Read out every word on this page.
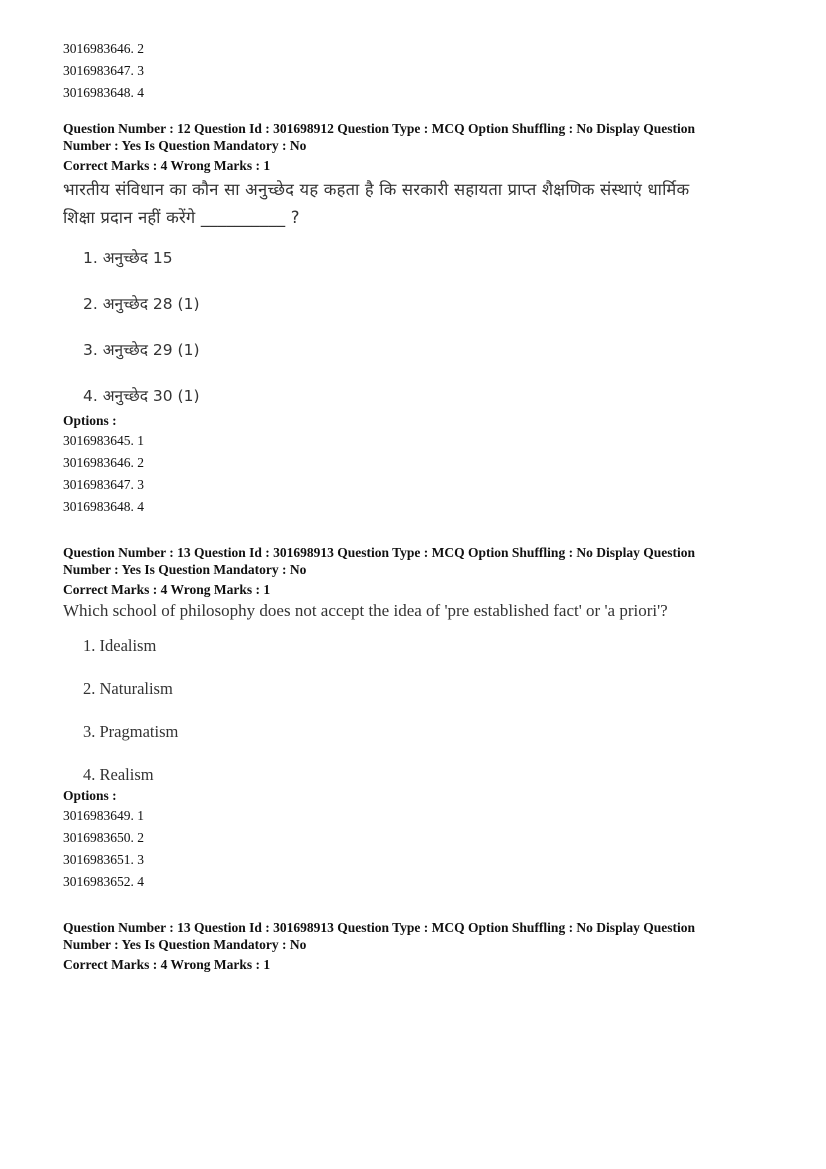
3016983646. 2
3016983647. 3
3016983648. 4
Question Number : 12 Question Id : 301698912 Question Type : MCQ Option Shuffling : No Display Question
Number : Yes Is Question Mandatory : No
Correct Marks : 4 Wrong Marks : 1
भारतीय संविधान का कौन सा अनुच्छेद यह कहता है कि सरकारी सहायता प्राप्त शैक्षणिक संस्थाएं धार्मिक
शिक्षा प्रदान नहीं करेंगे __________ ?
1. अनुच्छेद 15
2. अनुच्छेद 28 (1)
3. अनुच्छेद 29 (1)
4. अनुच्छेद 30 (1)
Options :
3016983645. 1
3016983646. 2
3016983647. 3
3016983648. 4
Question Number : 13 Question Id : 301698913 Question Type : MCQ Option Shuffling : No Display Question
Number : Yes Is Question Mandatory : No
Correct Marks : 4 Wrong Marks : 1
Which school of philosophy does not accept the idea of 'pre established fact' or 'a priori'?
1. Idealism
2. Naturalism
3. Pragmatism
4. Realism
Options :
3016983649. 1
3016983650. 2
3016983651. 3
3016983652. 4
Question Number : 13 Question Id : 301698913 Question Type : MCQ Option Shuffling : No Display Question
Number : Yes Is Question Mandatory : No
Correct Marks : 4 Wrong Marks : 1
